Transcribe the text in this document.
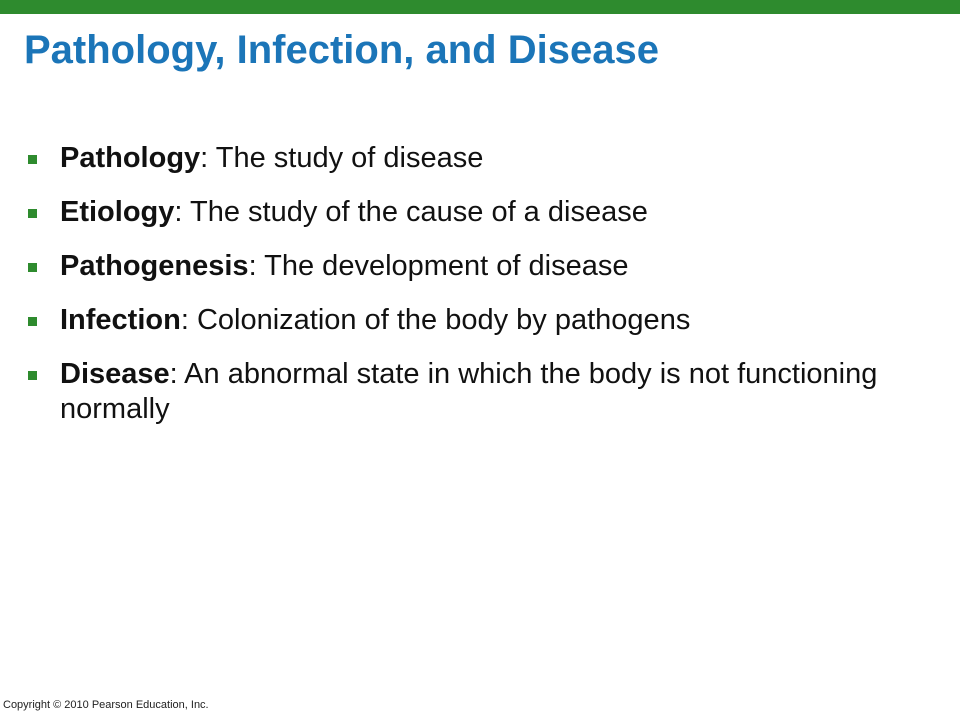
Pathology, Infection, and Disease
Pathology: The study of disease
Etiology: The study of the cause of a disease
Pathogenesis: The development of disease
Infection: Colonization of the body by pathogens
Disease: An abnormal state in which the body is not functioning normally
Copyright © 2010 Pearson Education, Inc.
